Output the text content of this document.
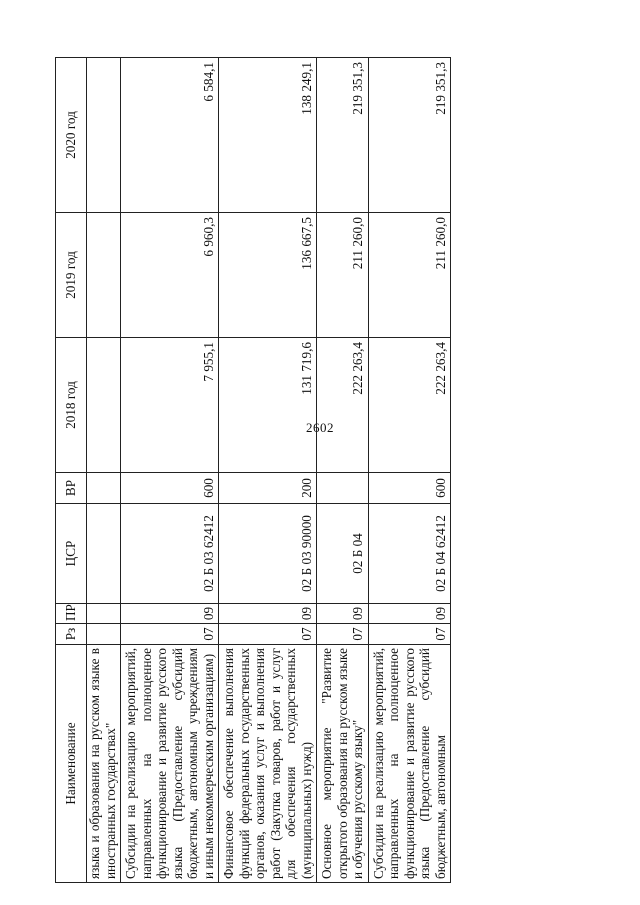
2602
Наименование	Рз	ПР	ЦСР	ВР	2018 год	2019 год	2020 год
языка и образования на русском языке в иностранных государствах"							
Субсидии на реализацию мероприятий, направленных на полноценное функционирование и развитие русского языка (Предоставление субсидий бюджетным, автономным учреждениям и иным некоммерческим организациям)	07	09	02 Б 03 62412	600	7 955,1	6 960,3	6 584,1
Финансовое обеспечение выполнения функций федеральных государственных органов, оказания услуг и выполнения работ (Закупка товаров, работ и услуг для обеспечения государственных (муниципальных) нужд)	07	09	02 Б 03 90000	200	131 719,6	136 667,5	138 249,1
Основное мероприятие "Развитие открытого образования на русском языке и обучения русскому языку"	07	09	02 Б 04		222 263,4	211 260,0	219 351,3
Субсидии на реализацию мероприятий, направленных на полноценное функционирование и развитие русского языка (Предоставление субсидий бюджетным, автономным	07	09	02 Б 04 62412	600	222 263,4	211 260,0	219 351,3
